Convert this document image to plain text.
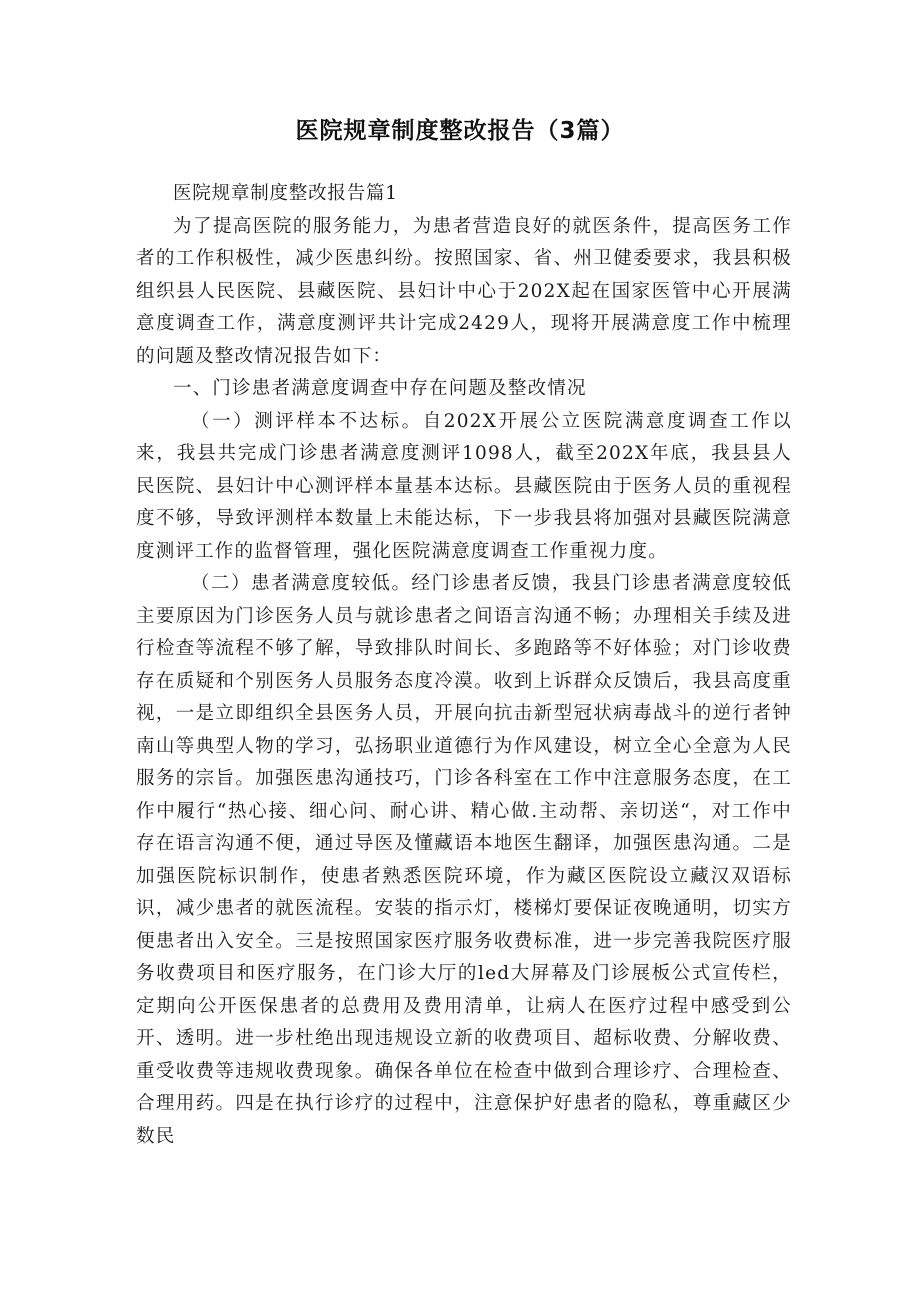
医院规章制度整改报告（3篇）

医院规章制度整改报告篇1

为了提高医院的服务能力，为患者营造良好的就医条件，提高医务工作者的工作积极性，减少医患纠纷。按照国家、省、州卫健委要求，我县积极组织县人民医院、县藏医院、县妇计中心于202X起在国家医管中心开展满意度调查工作，满意度测评共计完成2429人，现将开展满意度工作中梳理的问题及整改情况报告如下：

一、门诊患者满意度调查中存在问题及整改情况

（一）测评样本不达标。自202X开展公立医院满意度调查工作以来，我县共完成门诊患者满意度测评1098人，截至202X年底，我县县人民医院、县妇计中心测评样本量基本达标。县藏医院由于医务人员的重视程度不够，导致评测样本数量上未能达标，下一步我县将加强对县藏医院满意度测评工作的监督管理，强化医院满意度调查工作重视力度。

（二）患者满意度较低。经门诊患者反馈，我县门诊患者满意度较低主要原因为门诊医务人员与就诊患者之间语言沟通不畅；办理相关手续及进行检查等流程不够了解，导致排队时间长、多跑路等不好体验；对门诊收费存在质疑和个别医务人员服务态度冷漠。收到上诉群众反馈后，我县高度重视，一是立即组织全县医务人员，开展向抗击新型冠状病毒战斗的逆行者钟南山等典型人物的学习，弘扬职业道德行为作风建设，树立全心全意为人民服务的宗旨。加强医患沟通技巧，门诊各科室在工作中注意服务态度，在工作中履行“热心接、细心问、耐心讲、精心做.主动帮、亲切送“，对工作中存在语言沟通不便，通过导医及懂藏语本地医生翻译，加强医患沟通。二是加强医院标识制作，使患者熟悉医院环境，作为藏区医院设立藏汉双语标识，减少患者的就医流程。安装的指示灯，楼梯灯要保证夜晚通明，切实方便患者出入安全。三是按照国家医疗服务收费标准，进一步完善我院医疗服务收费项目和医疗服务，在门诊大厅的led大屏幕及门诊展板公式宣传栏，定期向公开医保患者的总费用及费用清单，让病人在医疗过程中感受到公开、透明。进一步杜绝出现违规设立新的收费项目、超标收费、分解收费、重受收费等违规收费现象。确保各单位在检查中做到合理诊疗、合理检查、合理用药。四是在执行诊疗的过程中，注意保护好患者的隐私，尊重藏区少数民
